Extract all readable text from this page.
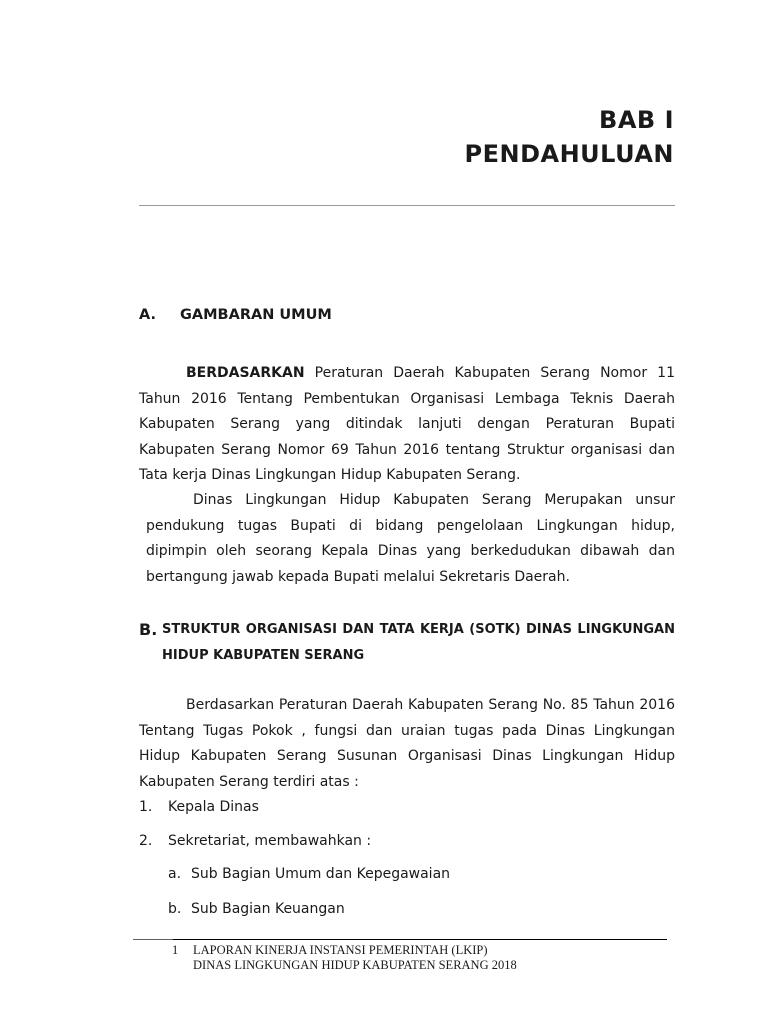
BAB I
PENDAHULUAN
A. GAMBARAN UMUM

BERDASARKAN Peraturan Daerah Kabupaten Serang Nomor 11 Tahun 2016 Tentang Pembentukan Organisasi Lembaga Teknis Daerah Kabupaten Serang yang ditindak lanjuti dengan Peraturan Bupati Kabupaten Serang Nomor 69 Tahun 2016 tentang Struktur organisasi dan Tata kerja Dinas Lingkungan Hidup Kabupaten Serang.

Dinas Lingkungan Hidup Kabupaten Serang Merupakan unsur pendukung tugas Bupati di bidang pengelolaan Lingkungan hidup, dipimpin oleh seorang Kepala Dinas yang berkedudukan dibawah dan bertangung jawab kepada Bupati melalui Sekretaris Daerah.

B. STRUKTUR ORGANISASI DAN TATA KERJA (SOTK) DINAS LINGKUNGAN
HIDUP KABUPATEN SERANG

Berdasarkan Peraturan Daerah Kabupaten Serang No. 85 Tahun 2016 Tentang Tugas Pokok , fungsi dan uraian tugas pada Dinas Lingkungan Hidup Kabupaten Serang Susunan Organisasi Dinas Lingkungan Hidup Kabupaten Serang terdiri atas :

1. Kepala Dinas
2. Sekretariat, membawahkan :
a. Sub Bagian Umum dan Kepegawaian
b. Sub Bagian Keuangan
1 LAPORAN KINERJA INSTANSI PEMERINTAH (LKIP)
DINAS LINGKUNGAN HIDUP KABUPATEN SERANG 2018
